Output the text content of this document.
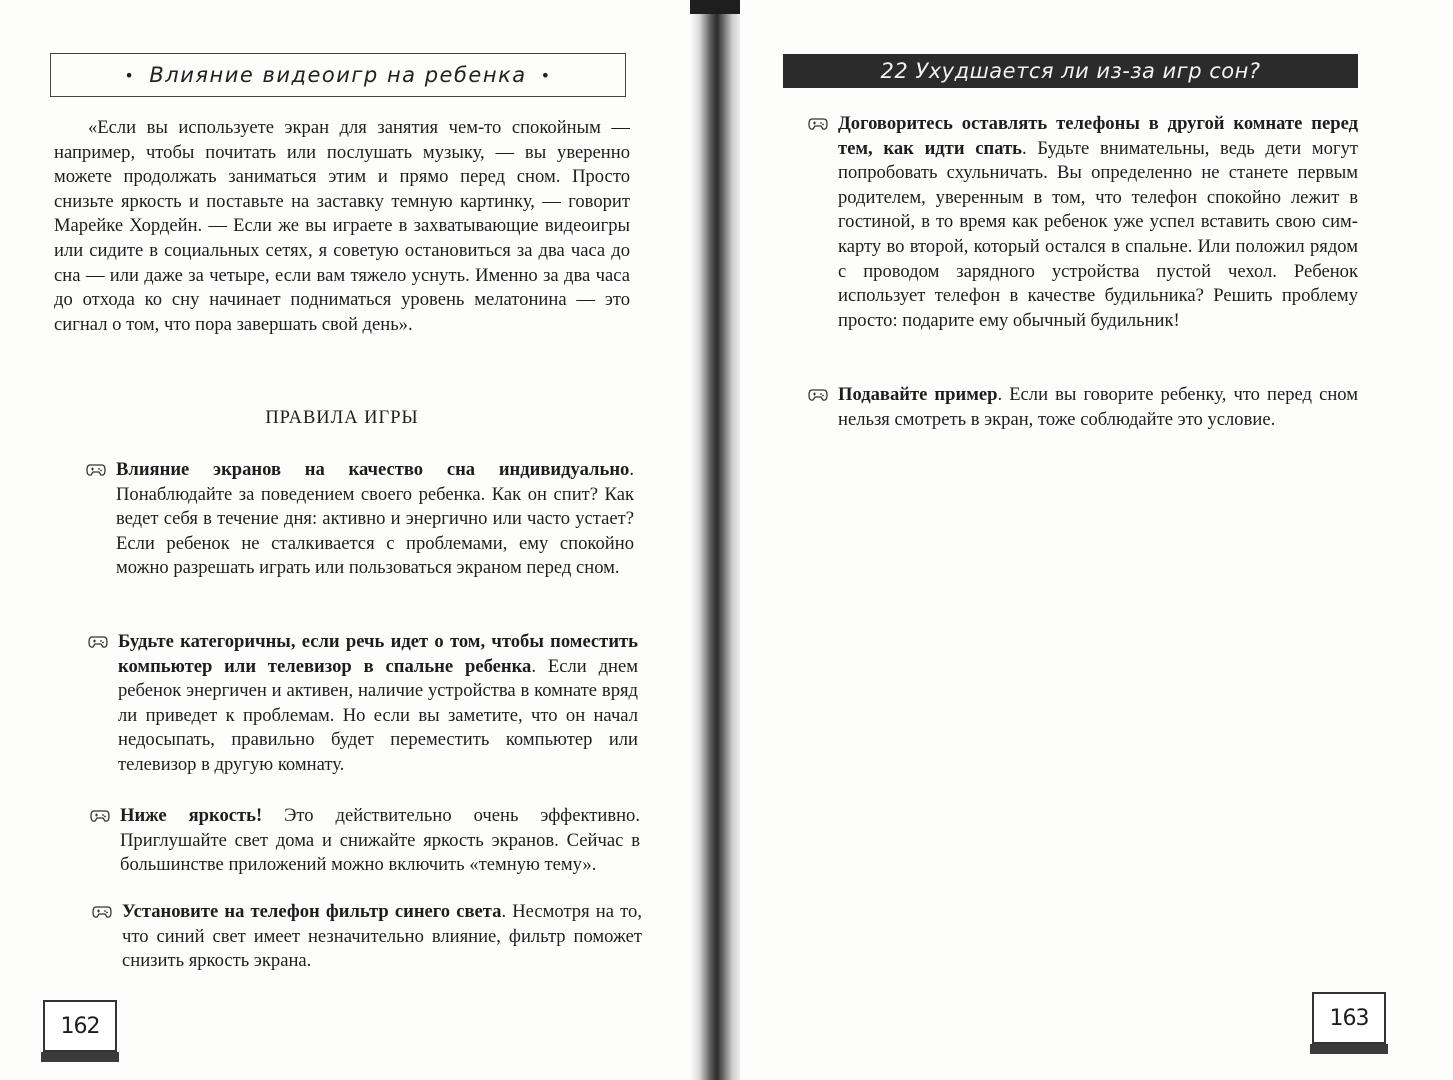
• Влияние видеоигр на ребенка •
«Если вы используете экран для занятия чем-то спокойным — например, чтобы почитать или послушать музыку, — вы уверенно можете продолжать заниматься этим и прямо перед сном. Просто снизьте яркость и поставьте на заставку темную картинку, — говорит Марейке Хордейн. — Если же вы играете в захватывающие видеоигры или сидите в социальных сетях, я советую остановиться за два часа до сна — или даже за четыре, если вам тяжело уснуть. Именно за два часа до отхода ко сну начинает подниматься уровень мелатонина — это сигнал о том, что пора завершать свой день».
ПРАВИЛА ИГРЫ
Влияние экранов на качество сна индивидуально. Понаблюдайте за поведением своего ребенка. Как он спит? Как ведет себя в течение дня: активно и энергично или часто устает? Если ребенок не сталкивается с проблемами, ему спокойно можно разрешать играть или пользоваться экраном перед сном.
Будьте категоричны, если речь идет о том, чтобы поместить компьютер или телевизор в спальне ребенка. Если днем ребенок энергичен и активен, наличие устройства в комнате вряд ли приведет к проблемам. Но если вы заметите, что он начал недосыпать, правильно будет переместить компьютер или телевизор в другую комнату.
Ниже яркость! Это действительно очень эффективно. Приглушайте свет дома и снижайте яркость экранов. Сейчас в большинстве приложений можно включить «темную тему».
Установите на телефон фильтр синего света. Несмотря на то, что синий свет имеет незначительно влияние, фильтр поможет снизить яркость экрана.
162
22 Ухудшается ли из-за игр сон?
Договоритесь оставлять телефоны в другой комнате перед тем, как идти спать. Будьте внимательны, ведь дети могут попробовать схульничать. Вы определенно не станете первым родителем, уверенным в том, что телефон спокойно лежит в гостиной, в то время как ребенок уже успел вставить свою сим-карту во второй, который остался в спальне. Или положил рядом с проводом зарядного устройства пустой чехол. Ребенок использует телефон в качестве будильника? Решить проблему просто: подарите ему обычный будильник!
Подавайте пример. Если вы говорите ребенку, что перед сном нельзя смотреть в экран, тоже соблюдайте это условие.
163
